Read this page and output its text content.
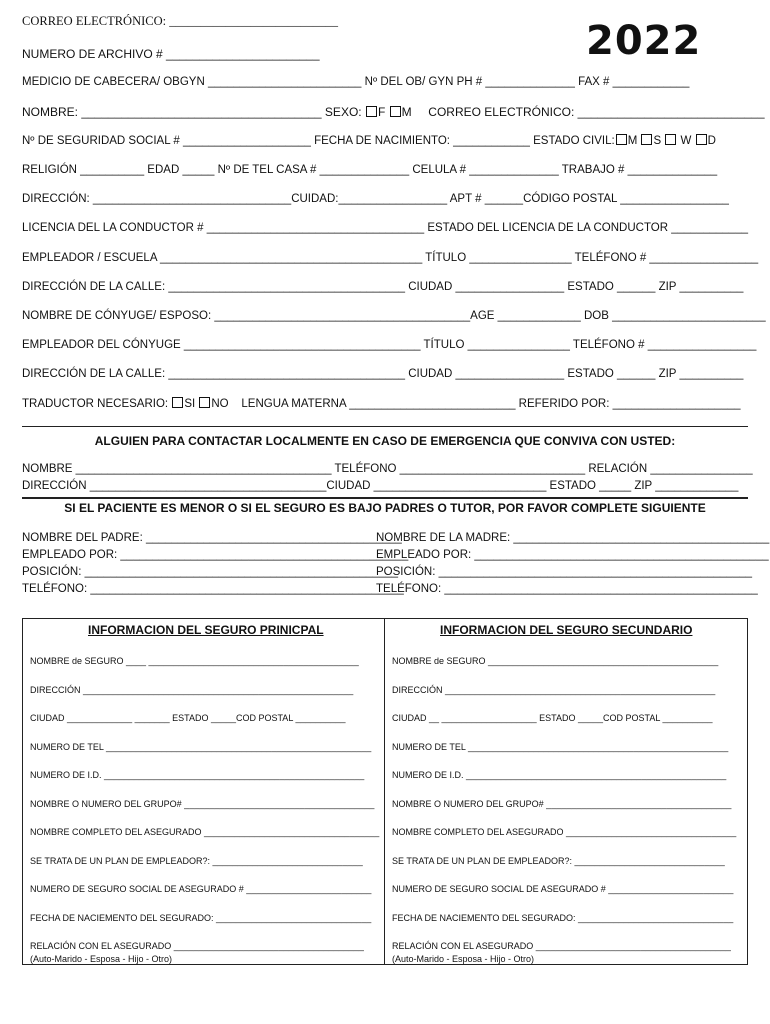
2022
CORREO ELECTRÓNICO: ___________________________
NUMERO DE ARCHIVO # _______________________
MEDICIO DE CABECERA/ OBGYN ________________________ Nº DEL OB/ GYN PH # ______________ FAX # ____________
NOMBRE: ____________________________________ SEXO: F M     CORREO ELECTRÓNICO: ____________________________
Nº DE SEGURIDAD SOCIAL # ____________________ FECHA DE NACIMIENTO: ____________ ESTADO CIVIL: M S  W D
RELIGIÓN __________ EDAD _____ Nº DE TEL CASA # ______________ CELULA # ______________ TRABAJO # ______________
DIRECCIÓN: _______________________________CUIDAD:_________________ APT # ______CÓDIGO POSTAL _________________
LICENCIA DEL LA CONDUCTOR # __________________________________ ESTADO DEL LICENCIA DE LA CONDUCTOR ____________
EMPLEADOR / ESCUELA _________________________________________ TÍTULO ________________ TELÉFONO # _________________
DIRECCIÓN DE LA CALLE: _____________________________________ CIUDAD _________________ ESTADO ______ ZIP __________
NOMBRE DE CÓNYUGE/ ESPOSO: ________________________________________AGE _____________ DOB ________________________
EMPLEADOR DEL CÓNYUGE _____________________________________ TÍTULO ________________ TELÉFONO # _________________
DIRECCIÓN DE LA CALLE: _____________________________________ CIUDAD _________________ ESTADO ______ ZIP __________
TRADUCTOR NECESARIO: SI NO    LENGUA MATERNA __________________________ REFERIDO POR: ____________________
ALGUIEN PARA CONTACTAR LOCALMENTE EN CASO DE EMERGENCIA QUE CONVIVA CON USTED:
NOMBRE ________________________________________ TELÉFONO _____________________________ RELACIÓN ________________
DIRECCIÓN _____________________________________CIUDAD ___________________________ ESTADO _____ ZIP _____________
SI EL PACIENTE ES MENOR O SI EL SEGURO ES BAJO PADRES O TUTOR, POR FAVOR COMPLETE SIGUIENTE
NOMBRE DEL PADRE: ________________________________________
EMPLEADO POR: _____________________________________________
POSICIÓN: _________________________________________________
TELÉFONO: _________________________________________________
NOMBRE DE LA MADRE: ________________________________________
EMPLEADO POR: ______________________________________________
POSICIÓN: _________________________________________________
TELÉFONO: _________________________________________________
INFORMACION DEL SEGURO PRINICPAL	INFORMACION DEL SEGURO SECUNDARIO
NOMBRE de SEGURO ____ __________________________________________
DIRECCIÓN ______________________________________________________
CIUDAD _____________ _______ ESTADO _____COD POSTAL __________
NUMERO DE TEL _____________________________________________________
NUMERO DE I.D. ____________________________________________________
NOMBRE O NUMERO DEL GRUPO# ______________________________________
NOMBRE COMPLETO DEL ASEGURADO ___________________________________
SE TRATA DE UN PLAN DE EMPLEADOR?: ______________________________
NUMERO DE SEGURO SOCIAL DE ASEGURADO # _________________________
FECHA DE NACIEMENTO DEL SEGURADO: _______________________________
RELACIÓN CON EL ASEGURADO ______________________________________
(Auto-Marido - Esposa - Hijo - Otro)
NOMBRE de SEGURO ______________________________________________
DIRECCIÓN ______________________________________________________
CIUDAD __ ___________________ ESTADO _____COD POSTAL __________
NUMERO DE TEL ____________________________________________________
NUMERO DE I.D. ____________________________________________________
NOMBRE O NUMERO DEL GRUPO# _____________________________________
NOMBRE COMPLETO DEL ASEGURADO __________________________________
SE TRATA DE UN PLAN DE EMPLEADOR?: ______________________________
NUMERO DE SEGURO SOCIAL DE ASEGURADO # _________________________
FECHA DE NACIEMENTO DEL SEGURADO: _______________________________
RELACIÓN CON EL ASEGURADO _______________________________________
(Auto-Marido - Esposa - Hijo - Otro)
